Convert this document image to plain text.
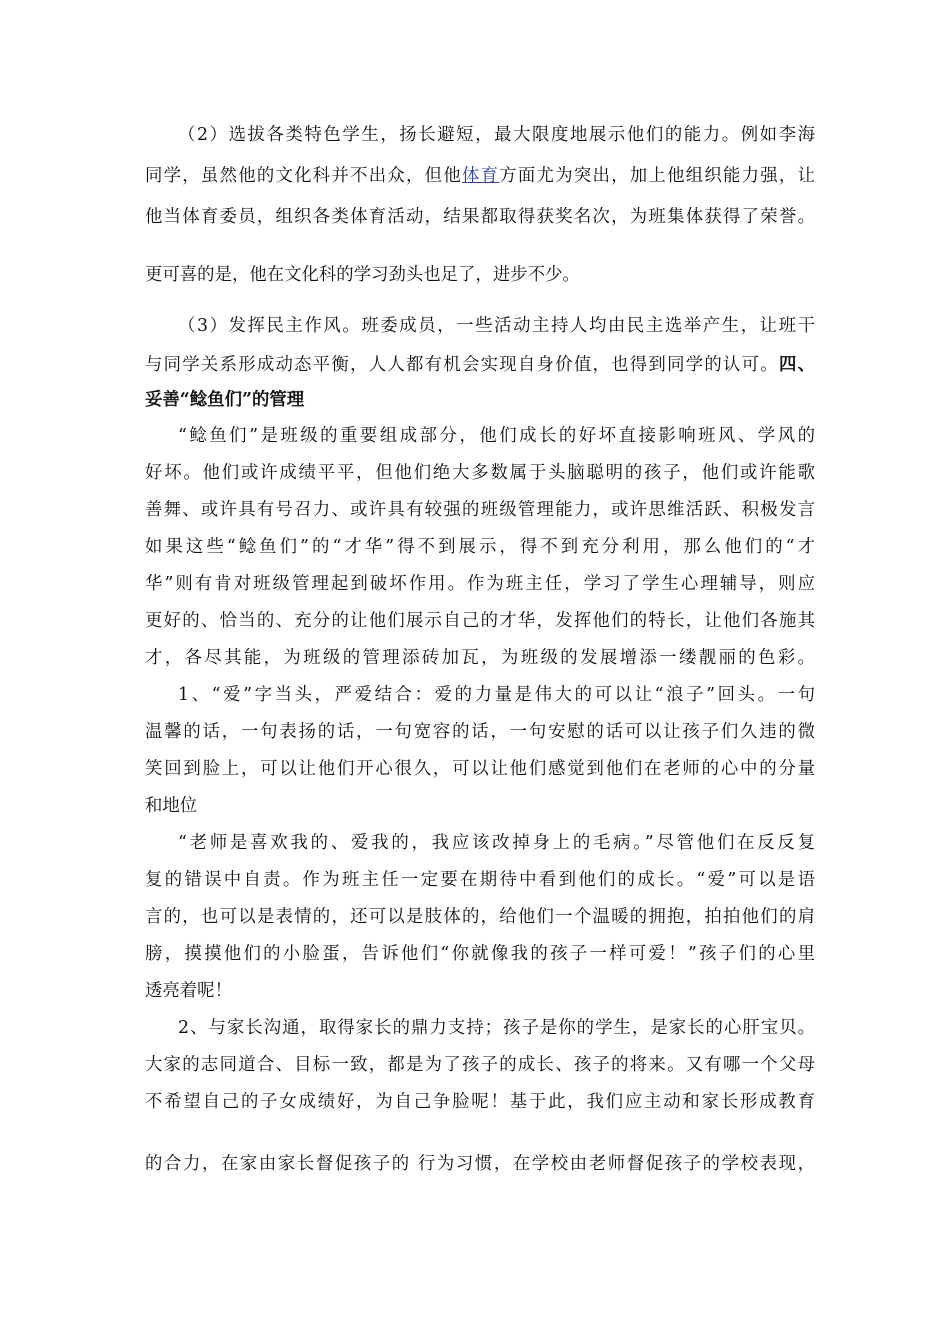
（2）选拔各类特色学生，扬长避短，最大限度地展示他们的能力。例如李海
同学，虽然他的文化科并不出众，但他体育方面尤为突出，加上他组织能力强，让
他当体育委员，组织各类体育活动，结果都取得获奖名次，为班集体获得了荣誉。
更可喜的是，他在文化科的学习劲头也足了，进步不少。
（3）发挥民主作风。班委成员，一些活动主持人均由民主选举产生，让班干
与同学关系形成动态平衡，人人都有机会实现自身价值，也得到同学的认可。四、
妥善“鲶鱼们”的管理
“鲶鱼们”是班级的重要组成部分，他们成长的好坏直接影响班风、学风的
好坏。他们或许成绩平平，但他们绝大多数属于头脑聪明的孩子，他们或许能歌
善舞、或许具有号召力、或许具有较强的班级管理能力，或许思维活跃、积极发言
如果这些“鲶鱼们”的“才华”得不到展示，得不到充分利用，那么他们的“才
华”则有肯对班级管理起到破坏作用。作为班主任，学习了学生心理辅导，则应
更好的、恰当的、充分的让他们展示自己的才华，发挥他们的特长，让他们各施其
才，各尽其能，为班级的管理添砖加瓦，为班级的发展增添一缕靓丽的色彩。
1、“爱”字当头，严爱结合：爱的力量是伟大的可以让“浪子”回头。一句
温馨的话，一句表扬的话，一句宽容的话，一句安慰的话可以让孩子们久违的微
笑回到脸上，可以让他们开心很久，可以让他们感觉到他们在老师的心中的分量
和地位
“老师是喜欢我的、爱我的，我应该改掉身上的毛病。”尽管他们在反反复
复的错误中自责。作为班主任一定要在期待中看到他们的成长。“爱”可以是语
言的，也可以是表情的，还可以是肢体的，给他们一个温暖的拥抱，拍拍他们的肩
膀，摸摸他们的小脸蛋，告诉他们“你就像我的孩子一样可爱！”孩子们的心里
透亮着呢！
2、与家长沟通，取得家长的鼎力支持；孩子是你的学生，是家长的心肝宝贝。
大家的志同道合、目标一致，都是为了孩子的成长、孩子的将来。又有哪一个父母
不希望自己的子女成绩好，为自己争脸呢！基于此，我们应主动和家长形成教育
的合力，在家由家长督促孩子的 行为习惯，在学校由老师督促孩子的学校表现，
